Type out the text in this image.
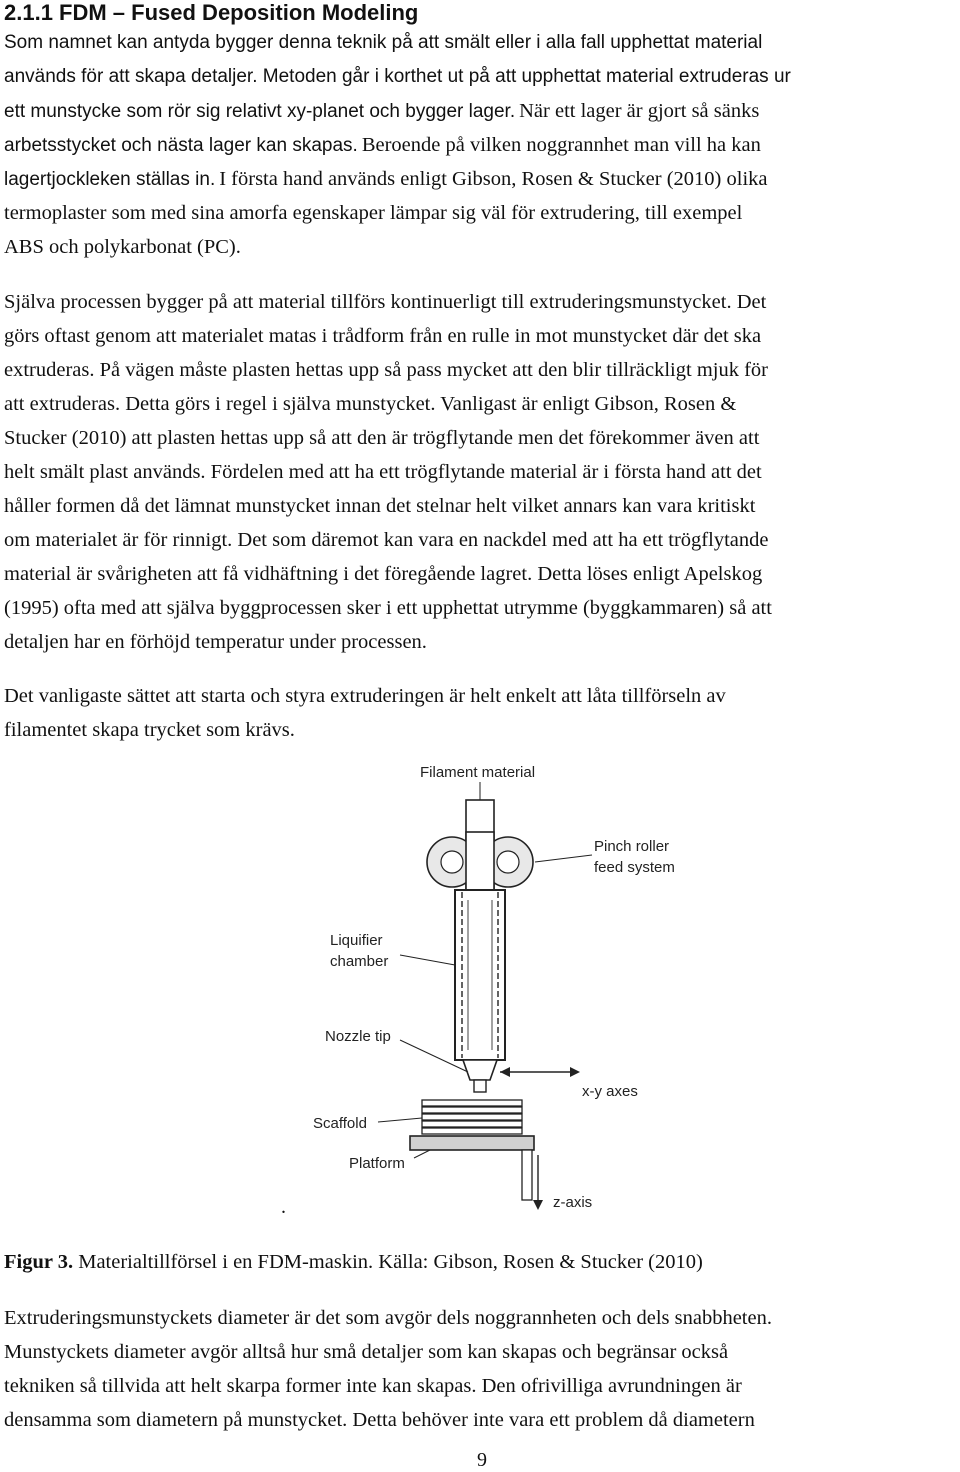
2.1.1 FDM – Fused Deposition Modeling
Som namnet kan antyda bygger denna teknik på att smält eller i alla fall upphettat material
används för att skapa detaljer. Metoden går i korthet ut på att upphettat material extruderas ur
ett munstycke som rör sig relativt xy-planet och bygger lager. När ett lager är gjort så sänks
arbetsstycket och nästa lager kan skapas. Beroende på vilken noggrannhet man vill ha kan
lagertjockleken ställas in. I första hand används enligt Gibson, Rosen & Stucker (2010) olika
termoplaster som med sina amorfa egenskaper lämpar sig väl för extrudering, till exempel
ABS och polykarbonat (PC).
Själva processen bygger på att material tillförs kontinuerligt till extruderingsmunstycket. Det
görs oftast genom att materialet matas i trådform från en rulle in mot munstycket där det ska
extruderas. På vägen måste plasten hettas upp så pass mycket att den blir tillräckligt mjuk för
att extruderas. Detta görs i regel i själva munstycket. Vanligast är enligt Gibson, Rosen &
Stucker (2010) att plasten hettas upp så att den är trögflytande men det förekommer även att
helt smält plast används. Fördelen med att ha ett trögflytande material är i första hand att det
håller formen då det lämnat munstycket innan det stelnar helt vilket annars kan vara kritiskt
om materialet är för rinnigt. Det som däremot kan vara en nackdel med att ha ett trögflytande
material är svårigheten att få vidhäftning i det föregående lagret. Detta löses enligt Apelskog
(1995) ofta med att själva byggprocessen sker i ett upphettat utrymme (byggkammaren) så att
detaljen har en förhöjd temperatur under processen.
Det vanligaste sättet att starta och styra extruderingen är helt enkelt att låta tillförseln av
filamentet skapa trycket som krävs.
Filament material
Pinch roller
feed system
Liquifier
chamber
Nozzle tip
x-y axes
Scaffold
Platform
z-axis
.
Figur 3. Materialtillförsel i en FDM-maskin. Källa: Gibson, Rosen & Stucker (2010)
Extruderingsmunstyckets diameter är det som avgör dels noggrannheten och dels snabbheten.
Munstyckets diameter avgör alltså hur små detaljer som kan skapas och begränsar också
tekniken så tillvida att helt skarpa former inte kan skapas. Den ofrivilliga avrundningen är
densamma som diametern på munstycket. Detta behöver inte vara ett problem då diametern
9
